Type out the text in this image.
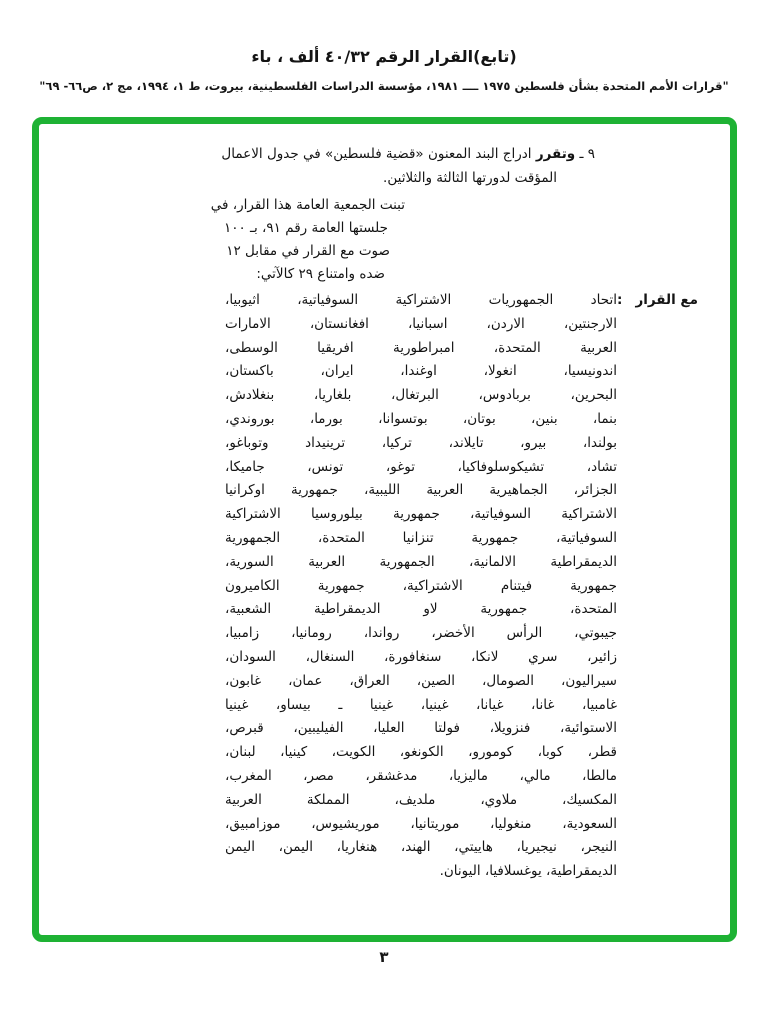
(تابع)القرار الرقم ٤٠/٣٢ ألف ، باء
"قرارات الأمم المتحدة بشأن فلسطين ١٩٧٥ ــــ ١٩٨١، مؤسسة الدراسات الفلسطينية، بيروت، ط ١، ١٩٩٤، مج ٢، ص٦٦- ٦٩"
٩ ـ وتقرر ادراج البند المعنون «قضية فلسطين» في جدول الاعمال
المؤقت لدورتها الثالثة والثلاثين.
تبنت الجمعية العامة هذا القرار، في
جلستها العامة رقم ٩١، بـ ١٠٠
صوت مع القرار في مقابل ١٢
ضده وامتناع ٢٩ كالآتي:
مع القرار
:
اتحاد الجمهوريات الاشتراكية السوفياتية، اثيوبيا،
الارجنتين، الاردن، اسبانيا، افغانستان، الامارات
العربية المتحدة، امبراطورية افريقيا الوسطى،
اندونيسيا، انغولا، اوغندا، ايران، باكستان،
البحرين، بربادوس، البرتغال، بلغاريا، بنغلادش،
بنما، بنين، بوتان، بوتسوانا، بورما، بوروندي،
بولندا، بيرو، تايلاند، تركيا، ترينيداد وتوباغو،
تشاد، تشيكوسلوفاكيا، توغو، تونس، جاميكا،
الجزائر، الجماهيرية العربية الليبية، جمهورية اوكرانيا
الاشتراكية السوفياتية، جمهورية بيلوروسيا الاشتراكية
السوفياتية، جمهورية تنزانيا المتحدة، الجمهورية
الديمقراطية الالمانية، الجمهورية العربية السورية،
جمهورية فيتنام الاشتراكية، جمهورية الكاميرون
المتحدة، جمهورية لاو الديمقراطية الشعبية،
جيبوتي، الرأس الأخضر، رواندا، رومانيا، زامبيا،
زائير، سري لانكا، سنغافورة، السنغال، السودان،
سيراليون، الصومال، الصين، العراق، عمان، غابون،
غامبيا، غانا، غيانا، غينيا، غينيا ـ بيساو، غينيا
الاستوائية، فنزويلا، فولتا العليا، الفيليبين، قبرص،
قطر، كوبا، كومورو، الكونغو، الكويت، كينيا، لبنان،
مالطا، مالي، ماليزيا، مدغشقر، مصر، المغرب،
المكسيك، ملاوي، ملديف، المملكة العربية
السعودية، منغوليا، موريتانيا، موريشيوس، موزامبيق،
النيجر، نيجيريا، هاييتي، الهند، هنغاريا، اليمن، اليمن
الديمقراطية، يوغسلافيا، اليونان.
٣
